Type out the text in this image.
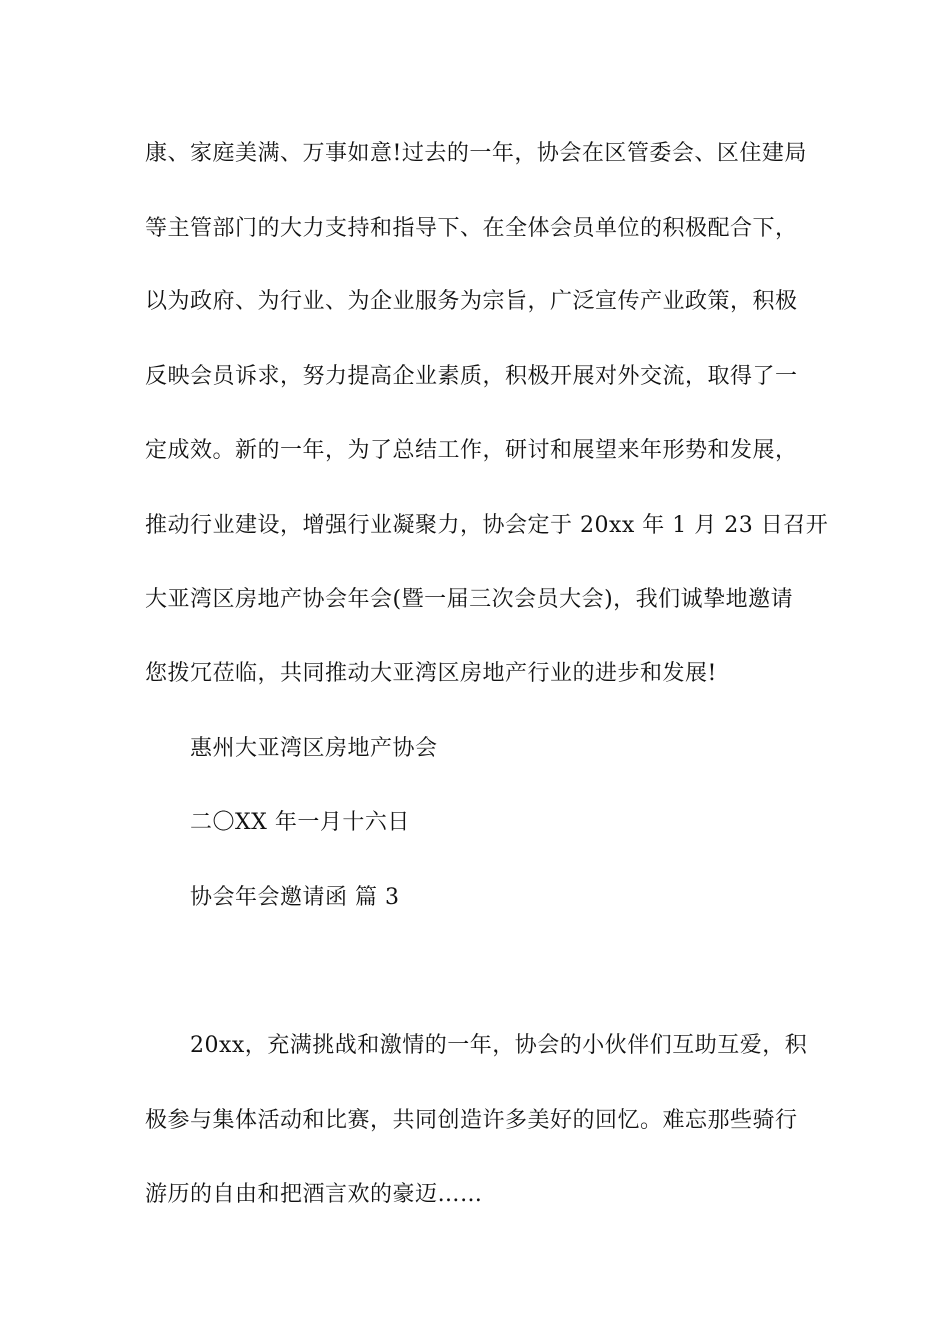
康、家庭美满、万事如意!过去的一年，协会在区管委会、区住建局
等主管部门的大力支持和指导下、在全体会员单位的积极配合下，
以为政府、为行业、为企业服务为宗旨，广泛宣传产业政策，积极
反映会员诉求，努力提高企业素质，积极开展对外交流，取得了一
定成效。新的一年，为了总结工作，研讨和展望来年形势和发展，
推动行业建设，增强行业凝聚力，协会定于 20xx 年 1 月 23 日召开
大亚湾区房地产协会年会(暨一届三次会员大会)，我们诚挚地邀请
您拨冗莅临，共同推动大亚湾区房地产行业的进步和发展!
惠州大亚湾区房地产协会
二〇XX 年一月十六日
协会年会邀请函 篇 3
20xx，充满挑战和激情的一年，协会的小伙伴们互助互爱，积
极参与集体活动和比赛，共同创造许多美好的回忆。难忘那些骑行
游历的自由和把酒言欢的豪迈……
